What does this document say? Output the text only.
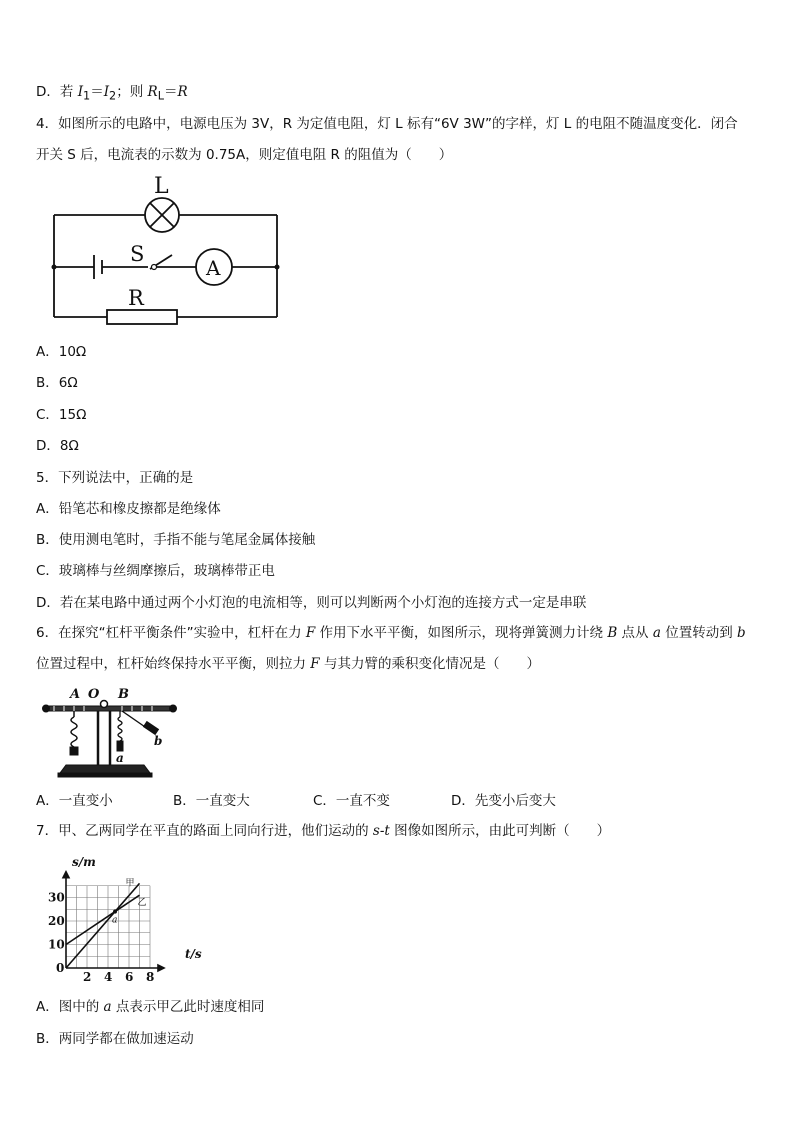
D．若 $I_1=I_2$；则 $R_L=R$
4．如图所示的电路中，电源电压为 3V，R 为定值电阻，灯 L 标有“6V 3W”的字样，灯 L 的电阻不随温度变化．闭合
开关 S 后，电流表的示数为 0.75A，则定值电阻 R 的阻值为（　　）
L
S
A
R
A．10Ω
B．6Ω
C．15Ω
D．8Ω
5．下列说法中，正确的是
A．铅笔芯和橡皮擦都是绝缘体
B．使用测电笔时，手指不能与笔尾金属体接触
C．玻璃棒与丝绸摩擦后，玻璃棒带正电
D．若在某电路中通过两个小灯泡的电流相等，则可以判断两个小灯泡的连接方式一定是串联
6．在探究“杠杆平衡条件”实验中，杠杆在力 F 作用下水平平衡，如图所示，现将弹簧测力计绕 B 点从 a 位置转动到 b
位置过程中，杠杆始终保持水平平衡，则拉力 F 与其力臂的乘积变化情况是（　　）
A O B
a
b
A．一直变小	B．一直变大	C．一直不变	D．先变小后变大
7．甲、乙两同学在平直的路面上同向行进，他们运动的 s-t 图像如图所示，由此可判断（　　）
2 4 6 8
0
10
20
30
甲
乙
a
s/m
t/s
A．图中的 a 点表示甲乙此时速度相同
B．两同学都在做加速运动
